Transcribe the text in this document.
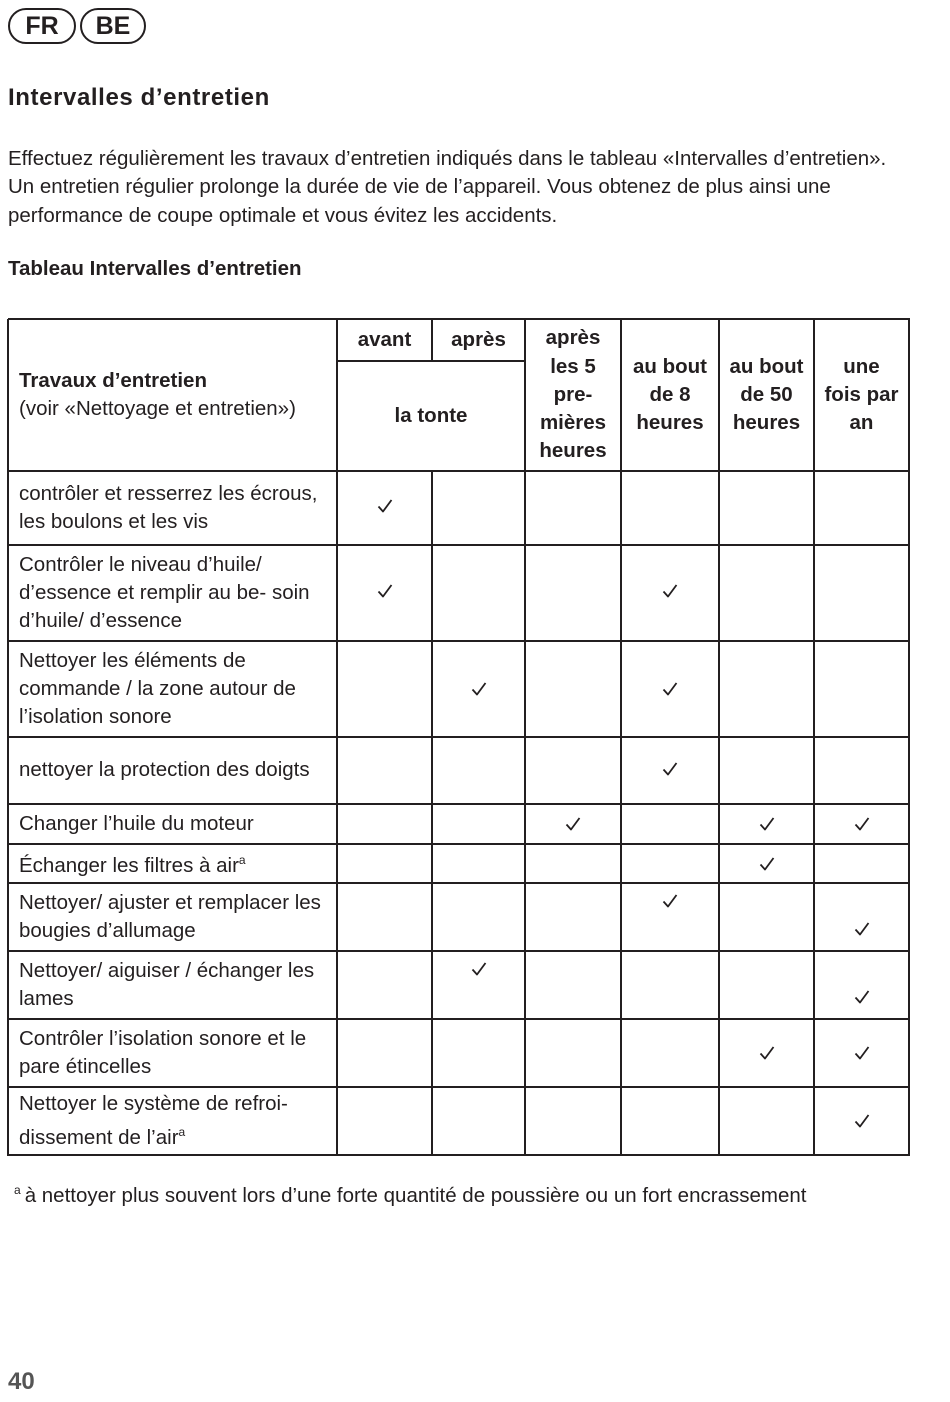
FR	BE
Intervalles d’entretien

Effectuez régulièrement les travaux d’entretien indiqués dans le tableau «Intervalles d’entretien». Un entretien régulier prolonge la durée de vie de l’appareil. Vous obtenez de plus ainsi une performance de coupe optimale et vous évitez les accidents.

Tableau Intervalles d’entretien

Travaux d’entretien
(voir «Nettoyage et entretien»)
avant	après
la tonte
après les 5 pre- mières heures
au bout de 8 heures
au bout de 50 heures
une fois par an
contrôler et resserrez les écrous, les boulons et les vis
Contrôler le niveau d’huile/ d’essence et remplir au be- soin d’huile/ d’essence
Nettoyer les éléments de commande / la zone autour de l’isolation sonore
nettoyer la protection des doigts
Changer l’huile du moteur
Échanger les filtres à air$^a$
Nettoyer/ ajuster et remplacer les bougies d’allumage
Nettoyer/ aiguiser / échanger les lames
Contrôler l’isolation sonore et le pare étincelles
Nettoyer le système de refroi- dissement de l’air$^a$

$^a$ à nettoyer plus souvent lors d’une forte quantité de poussière ou un fort encrassement

40
